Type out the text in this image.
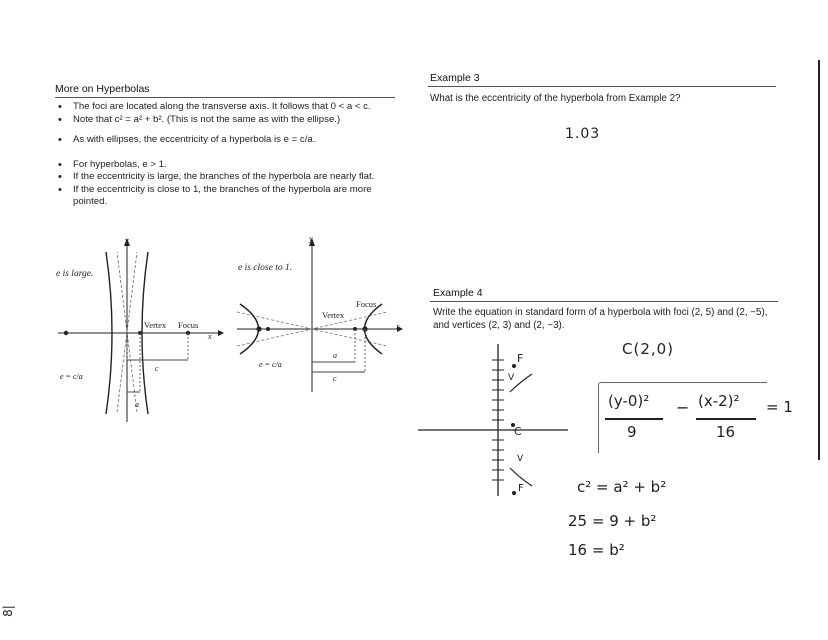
More on Hyperbolas
• The foci are located along the transverse axis. It follows that 0 < a < c.
• Note that c² = a² + b². (This is not the same as with the ellipse.)
• As with ellipses, the eccentricity of a hyperbola is e = c/a.
• For hyperbolas, e > 1.
• If the eccentricity is large, the branches of the hyperbola are nearly flat.
• If the eccentricity is close to 1, the branches of the hyperbola are more pointed.
e is large.
y
x
Vertex Focus
e = c/a
c
a
e is close to 1.
y
x
Vertex
Focus
e = c/a
c
a
Example 3
What is the eccentricity of the hyperbola from Example 2?
1.03
Example 4
Write the equation in standard form of a hyperbola with foci (2, 5) and (2, −5),
and vertices (2, 3) and (2, −3).
F
V
C
V
F
C(2,0)
(y-0)²
9
− (x-2)²
16
= 1
c² = a² + b²
25 = 9 + b²
16 = b²
8|
